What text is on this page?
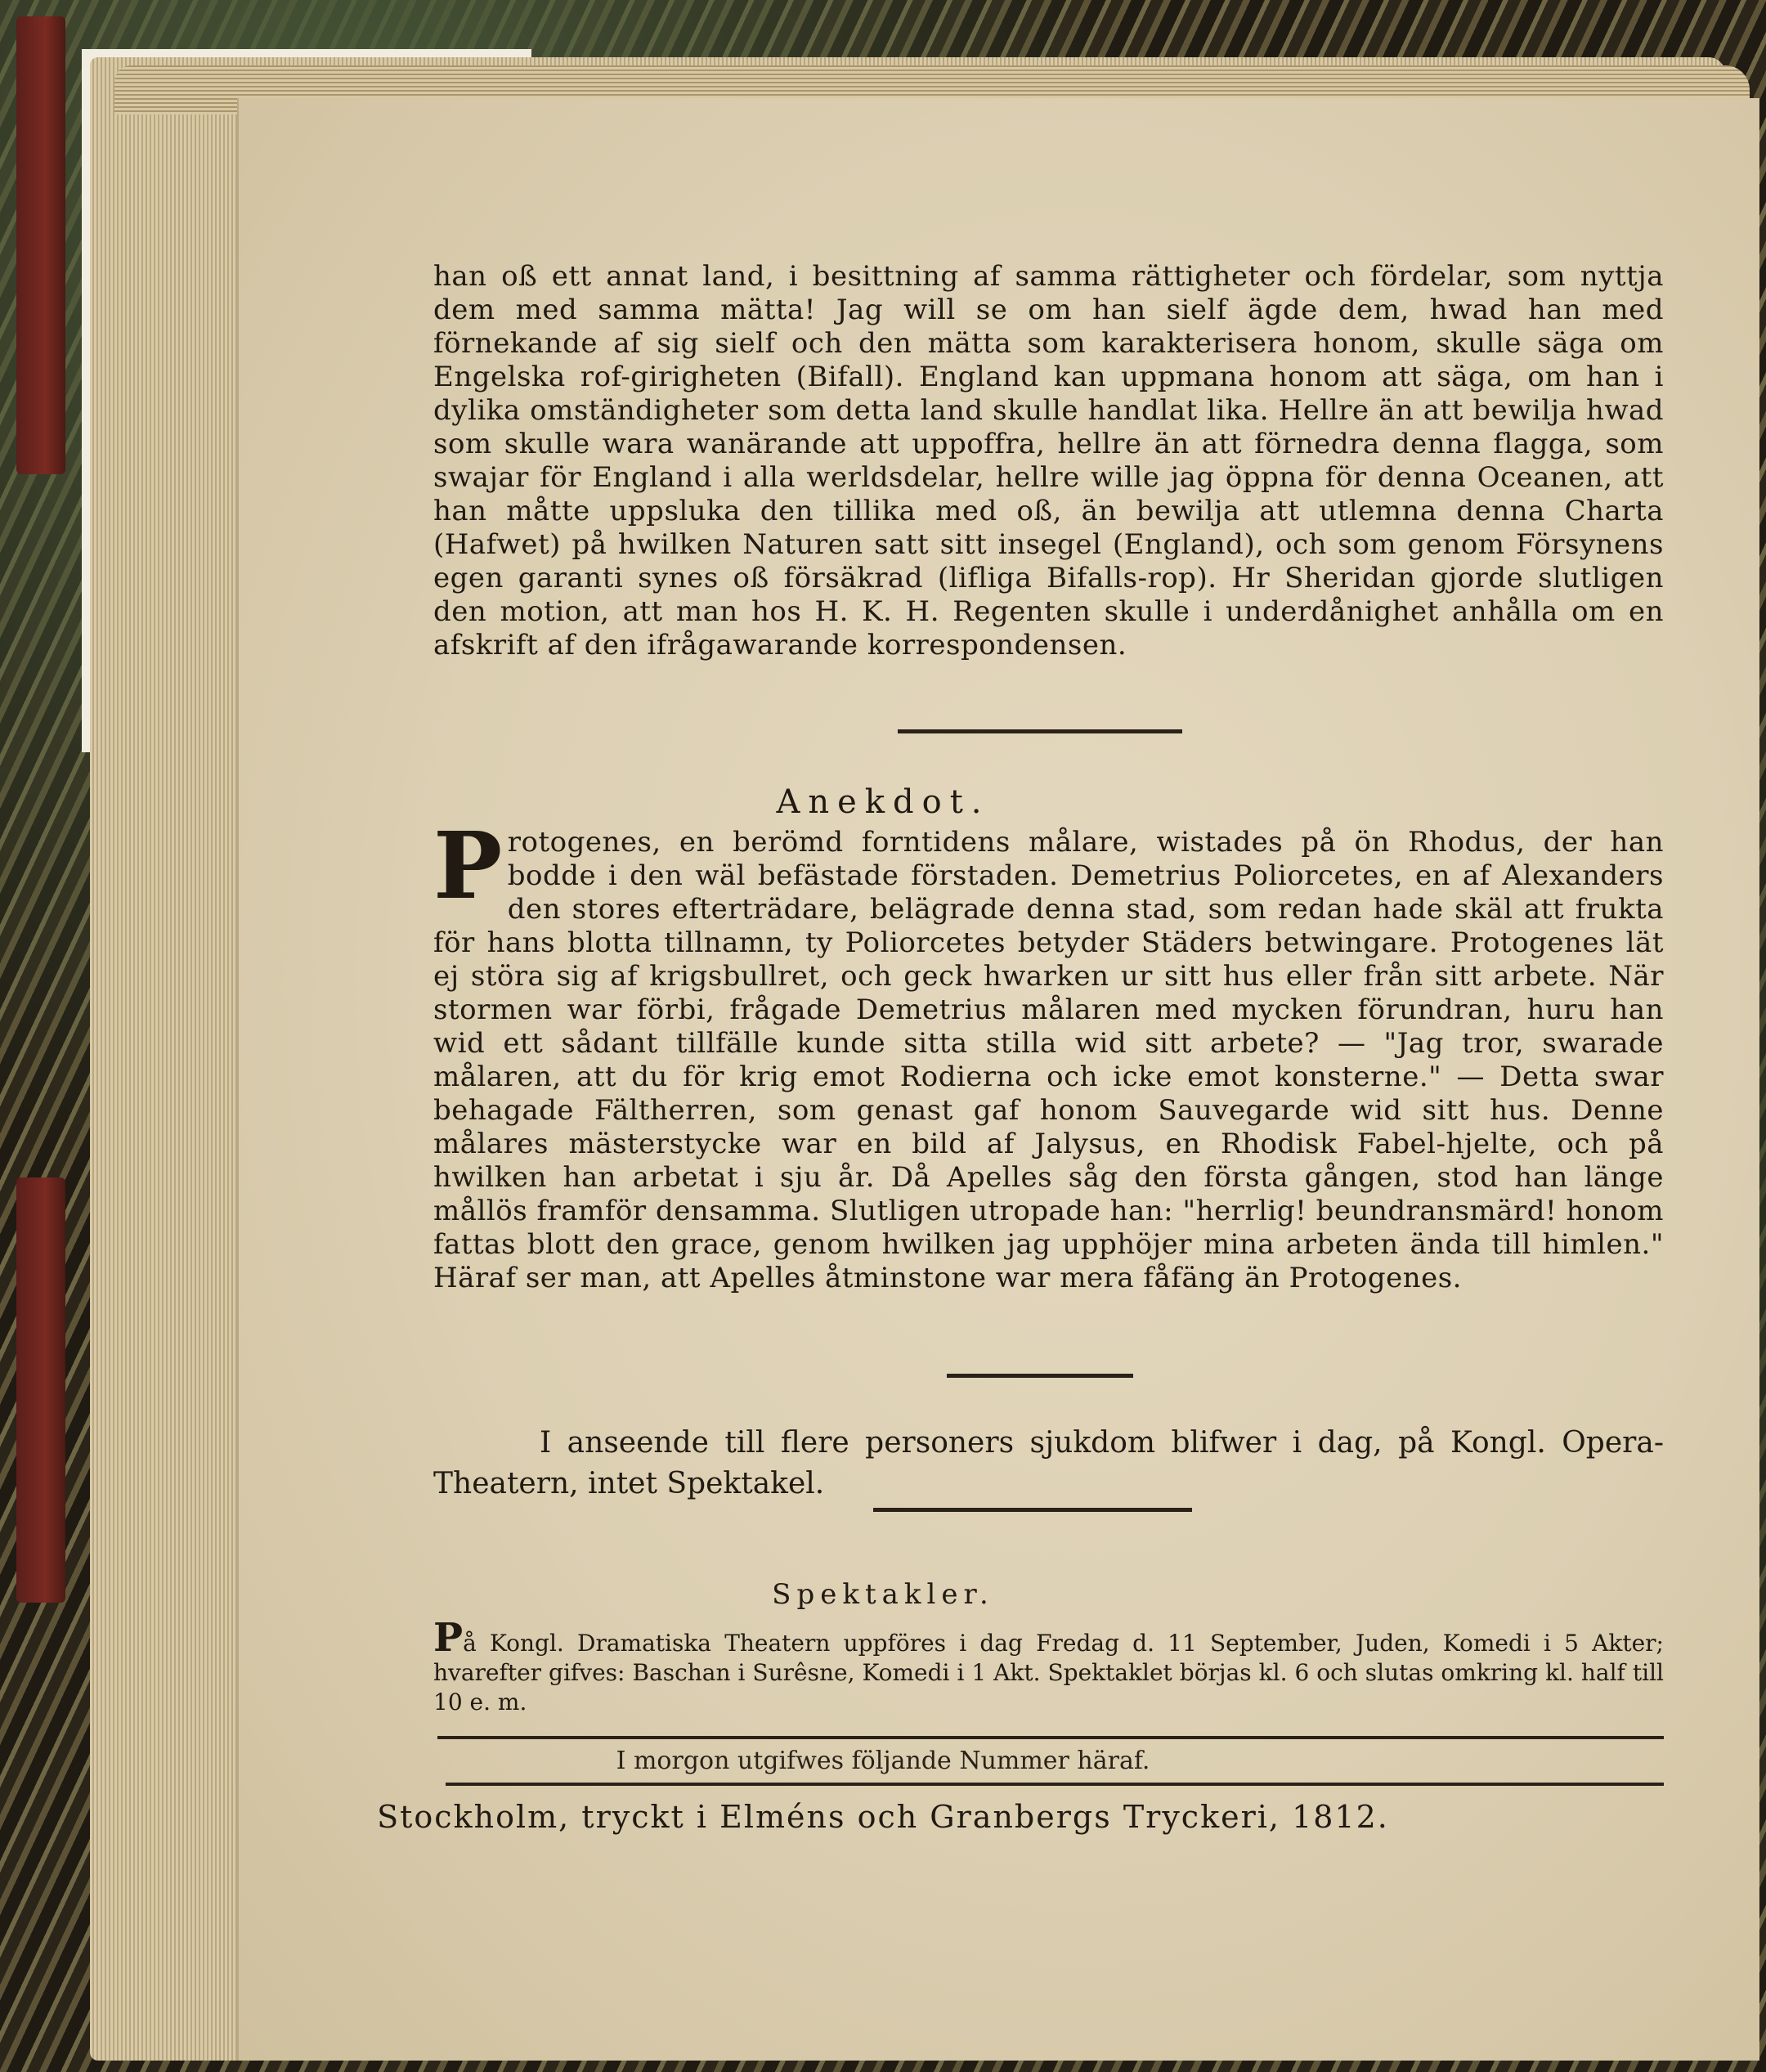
han oß ett annat land, i besittning af samma rättigheter och fördelar, som nyttja dem med samma mätta! Jag will se om han sielf ägde dem, hwad han med förnekande af sig sielf och den mätta som karakterisera honom, skulle säga om Engelska rof-girigheten (Bifall). England kan uppmana honom att säga, om han i dylika omständigheter som detta land skulle handlat lika. Hellre än att bewilja hwad som skulle wara wanärande att uppoffra, hellre än att förnedra denna flagga, som swajar för England i alla werldsdelar, hellre wille jag öppna för denna Oceanen, att han måtte uppsluka den tillika med oß, än bewilja att utlemna denna Charta (Hafwet) på hwilken Naturen satt sitt insegel (England), och som genom Försynens egen garanti synes oß försäkrad (lifliga Bifalls-rop). Hr Sheridan gjorde slutligen den motion, att man hos H. K. H. Regenten skulle i underdånighet anhålla om en afskrift af den ifrågawarande korrespondensen.
Anekdot.
Protogenes, en berömd forntidens målare, wistades på ön Rhodus, der han bodde i den wäl befästade förstaden. Demetrius Poliorcetes, en af Alexanders den stores efterträdare, belägrade denna stad, som redan hade skäl att frukta för hans blotta tillnamn, ty Poliorcetes betyder Städers betwingare. Protogenes lät ej störa sig af krigsbullret, och geck hwarken ur sitt hus eller från sitt arbete. När stormen war förbi, frågade Demetrius målaren med mycken förundran, huru han wid ett sådant tillfälle kunde sitta stilla wid sitt arbete? — "Jag tror, swarade målaren, att du för krig emot Rodierna och icke emot konsterne." — Detta swar behagade Fältherren, som genast gaf honom Sauvegarde wid sitt hus. Denne målares mästerstycke war en bild af Jalysus, en Rhodisk Fabel-hjelte, och på hwilken han arbetat i sju år. Då Apelles såg den första gången, stod han länge mållös framför densamma. Slutligen utropade han: "herrlig! beundransmärd! honom fattas blott den grace, genom hwilken jag upphöjer mina arbeten ända till himlen." Häraf ser man, att Apelles åtminstone war mera fåfäng än Protogenes.
I anseende till flere personers sjukdom blifwer i dag, på Kongl. Opera-Theatern, intet Spektakel.
Spektakler.
På Kongl. Dramatiska Theatern uppföres i dag Fredag d. 11 September, Juden, Komedi i 5 Akter; hvarefter gifves: Baschan i Surêsne, Komedi i 1 Akt. Spektaklet börjas kl. 6 och slutas omkring kl. half till 10 e. m.
I morgon utgifwes följande Nummer häraf.
Stockholm, tryckt i Elméns och Granbergs Tryckeri, 1812.
